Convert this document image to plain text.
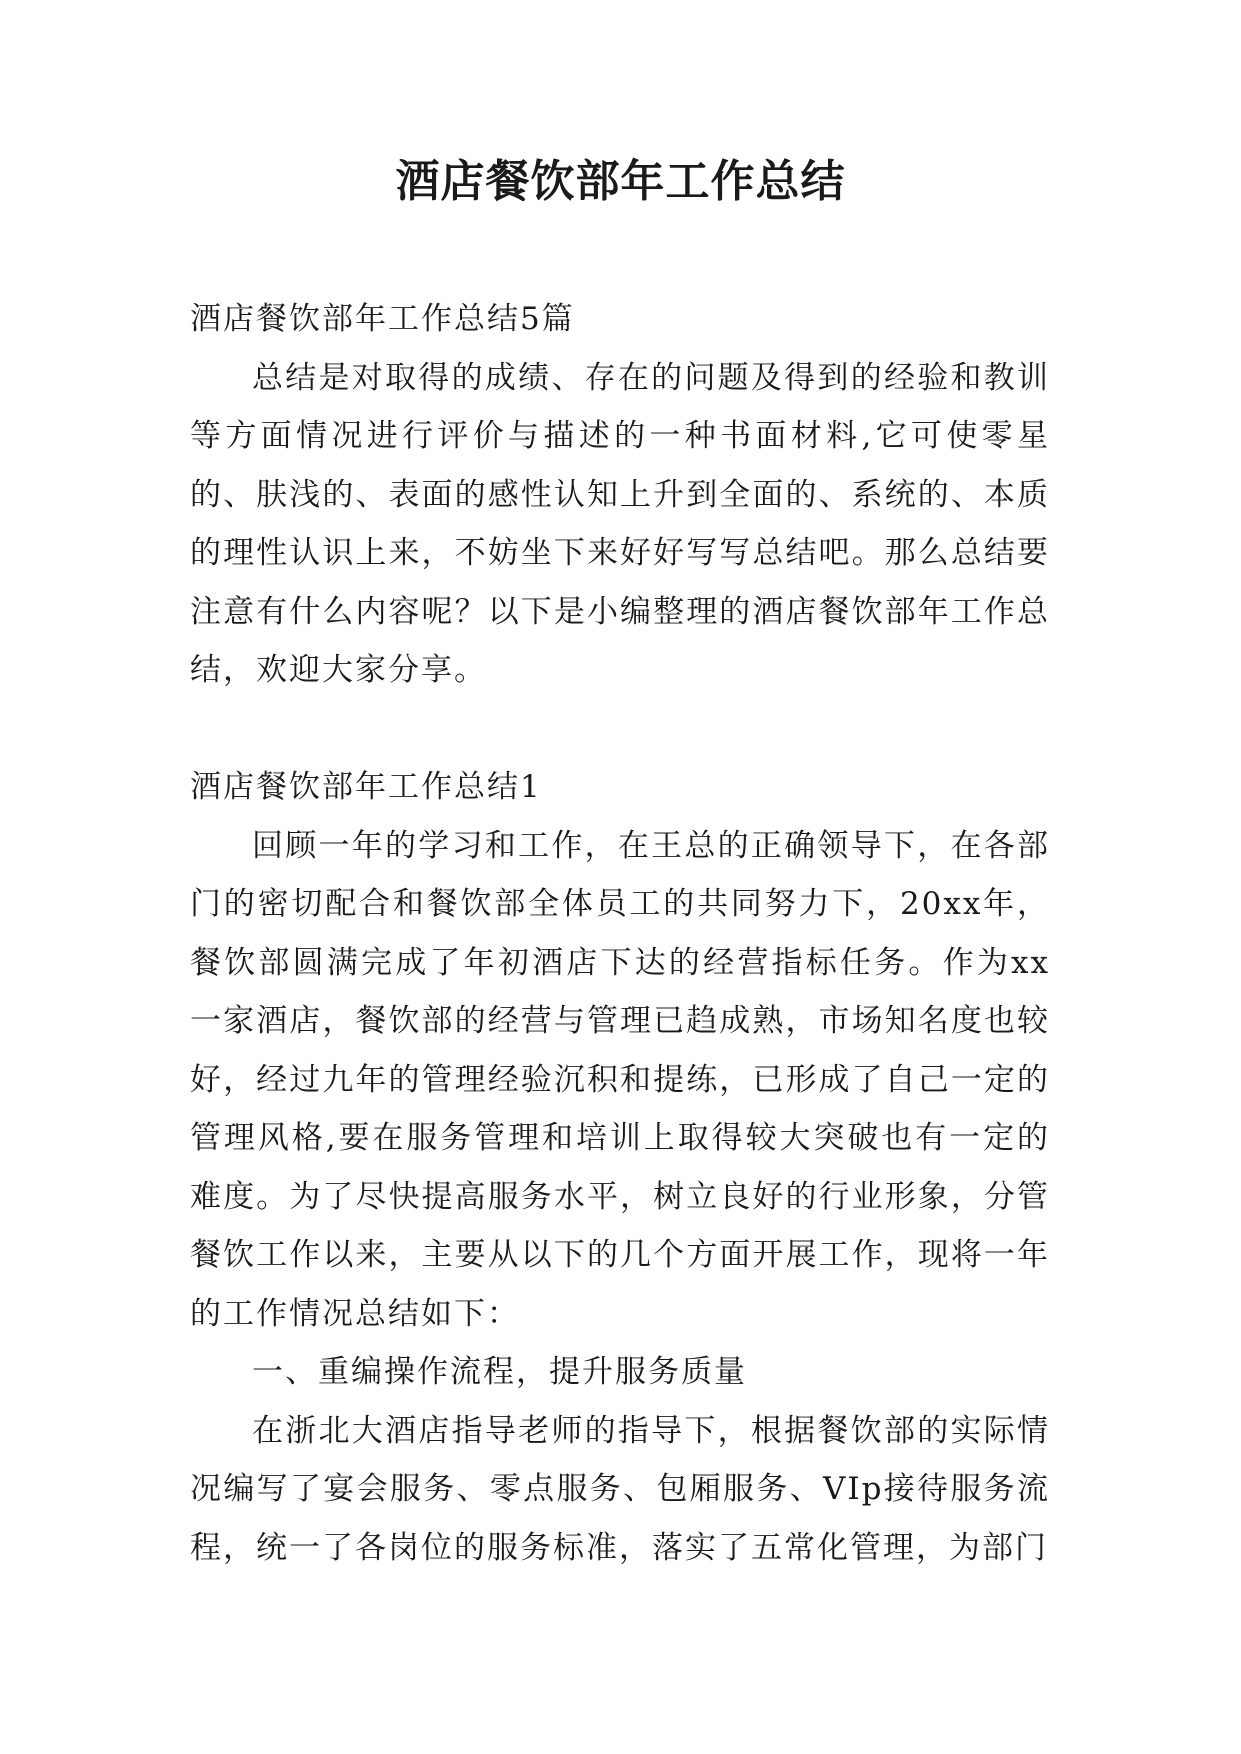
酒店餐饮部年工作总结

酒店餐饮部年工作总结5篇

总结是对取得的成绩、存在的问题及得到的经验和教训等方面情况进行评价与描述的一种书面材料,它可使零星的、肤浅的、表面的感性认知上升到全面的、系统的、本质的理性认识上来，不妨坐下来好好写写总结吧。那么总结要注意有什么内容呢？以下是小编整理的酒店餐饮部年工作总结，欢迎大家分享。

酒店餐饮部年工作总结1

回顾一年的学习和工作，在王总的正确领导下，在各部门的密切配合和餐饮部全体员工的共同努力下，20xx年，餐饮部圆满完成了年初酒店下达的经营指标任务。作为xx一家酒店，餐饮部的经营与管理已趋成熟，市场知名度也较好，经过九年的管理经验沉积和提练，已形成了自己一定的管理风格,要在服务管理和培训上取得较大突破也有一定的难度。为了尽快提高服务水平，树立良好的行业形象，分管餐饮工作以来，主要从以下的几个方面开展工作，现将一年的工作情况总结如下：

一、重编操作流程，提升服务质量

在浙北大酒店指导老师的指导下，根据餐饮部的实际情况编写了宴会服务、零点服务、包厢服务、VIp接待服务流程，统一了各岗位的服务标准，落实了五常化管理，为部门
